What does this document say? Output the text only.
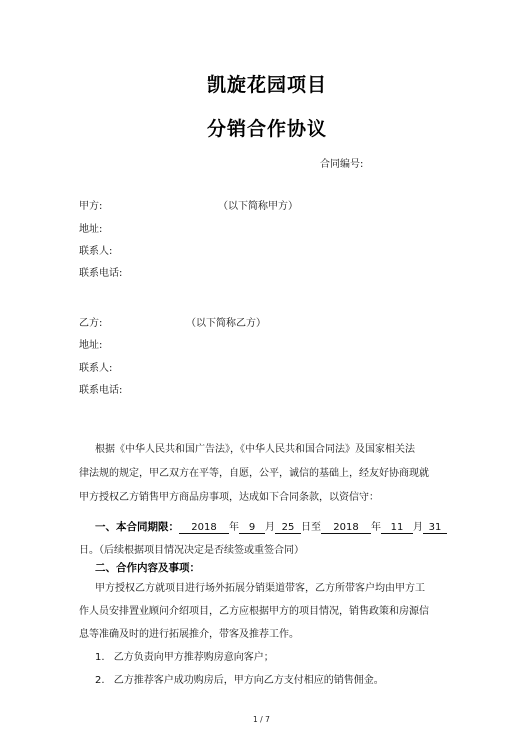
凯旋花园项目
分销合作协议
合同编号:
甲方:	（以下简称甲方）
地址:
联系人:
联系电话:
乙方:	（以下简称乙方）
地址:
联系人:
联系电话:
根据《中华人民共和国广告法》，《中华人民共和国合同法》及国家相关法
律法规的规定，甲乙双方在平等，自愿，公平，诚信的基础上，经友好协商现就
甲方授权乙方销售甲方商品房事项，达成如下合同条款，以资信守：
一、本合同期限： 2018 年 9 月 25 日至 2018 年 11 月 31
日。（后续根据项目情况决定是否续签或重签合同）
二、合作内容及事项：
甲方授权乙方就项目进行场外拓展分销渠道带客，乙方所带客户均由甲方工
作人员安排置业顾问介绍项目，乙方应根据甲方的项目情况，销售政策和房源信
息等准确及时的进行拓展推介，带客及推荐工作。
1. 乙方负责向甲方推荐购房意向客户；
2. 乙方推荐客户成功购房后，甲方向乙方支付相应的销售佣金。
1 / 7
